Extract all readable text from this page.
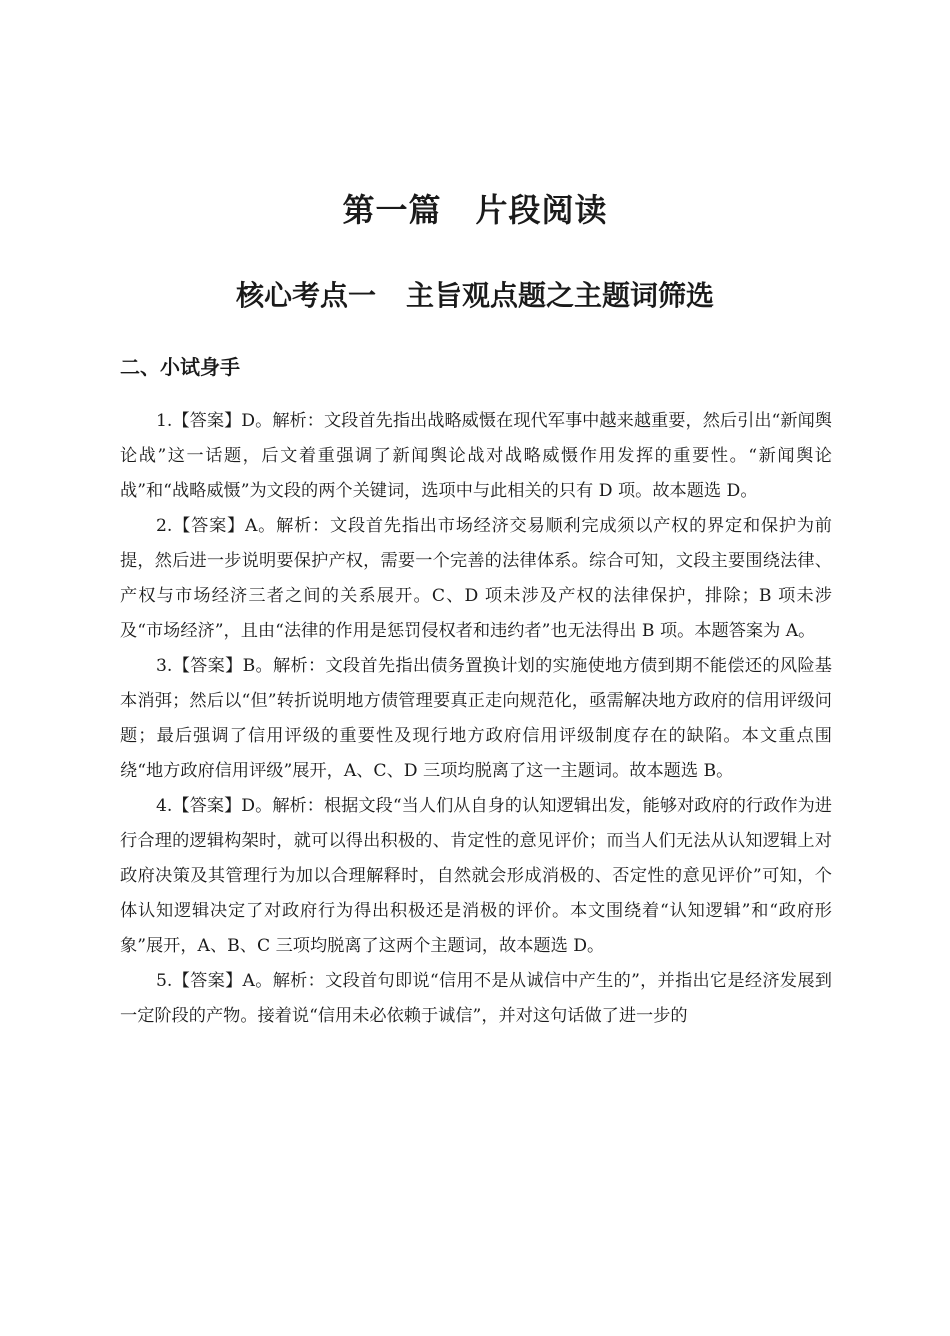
第一篇 片段阅读
核心考点一 主旨观点题之主题词筛选
二、小试身手

1.【答案】D。解析：文段首先指出战略威慑在现代军事中越来越重要，然后引出“新闻舆论战”这一话题，后文着重强调了新闻舆论战对战略威慑作用发挥的重要性。“新闻舆论战”和“战略威慑”为文段的两个关键词，选项中与此相关的只有 D 项。故本题选 D。

2.【答案】A。解析：文段首先指出市场经济交易顺利完成须以产权的界定和保护为前提，然后进一步说明要保护产权，需要一个完善的法律体系。综合可知，文段主要围绕法律、产权与市场经济三者之间的关系展开。C、D 项未涉及产权的法律保护，排除；B 项未涉及“市场经济”，且由“法律的作用是惩罚侵权者和违约者”也无法得出 B 项。本题答案为 A。

3.【答案】B。解析：文段首先指出债务置换计划的实施使地方债到期不能偿还的风险基本消弭；然后以“但”转折说明地方债管理要真正走向规范化，亟需解决地方政府的信用评级问题；最后强调了信用评级的重要性及现行地方政府信用评级制度存在的缺陷。本文重点围绕“地方政府信用评级”展开，A、C、D 三项均脱离了这一主题词。故本题选 B。

4.【答案】D。解析：根据文段“当人们从自身的认知逻辑出发，能够对政府的行政作为进行合理的逻辑构架时，就可以得出积极的、肯定性的意见评价；而当人们无法从认知逻辑上对政府决策及其管理行为加以合理解释时，自然就会形成消极的、否定性的意见评价”可知，个体认知逻辑决定了对政府行为得出积极还是消极的评价。本文围绕着“认知逻辑”和“政府形象”展开，A、B、C 三项均脱离了这两个主题词，故本题选 D。

5.【答案】A。解析：文段首句即说“信用不是从诚信中产生的”，并指出它是经济发展到一定阶段的产物。接着说“信用未必依赖于诚信”，并对这句话做了进一步的
